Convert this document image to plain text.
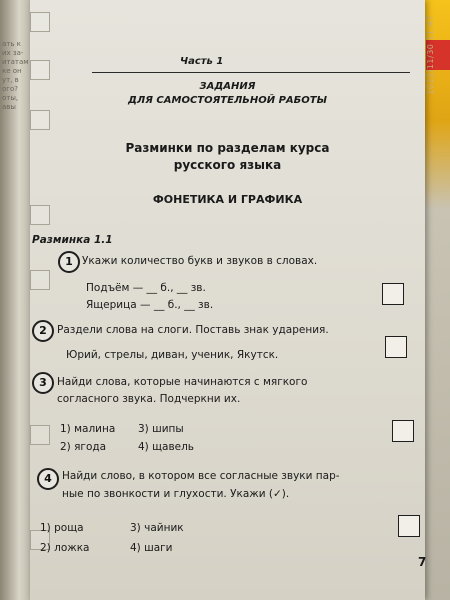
ать к
их за-
итатам
ке он
ут, в
ого?
оты,
авы
2022/11/30 11:47
Часть 1
ЗАДАНИЯ
ДЛЯ САМОСТОЯТЕЛЬНОЙ РАБОТЫ
Разминки по разделам курса
русского языка
ФОНЕТИКА И ГРАФИКА
Разминка 1.1
1 Укажи количество букв и звуков в словах.
Подъём — __ б., __ зв.
Ящерица — __ б., __ зв.
2 Раздели слова на слоги. Поставь знак ударения.
Юрий, стрелы, диван, ученик, Якутск.
3 Найди слова, которые начинаются с мягкого
согласного звука. Подчеркни их.
1) малина
2) ягода
3) шипы
4) щавель
4 Найди слово, в котором все согласные звуки пар-
ные по звонкости и глухости. Укажи (✓).
1) роща
2) ложка
3) чайник
4) шаги
7
